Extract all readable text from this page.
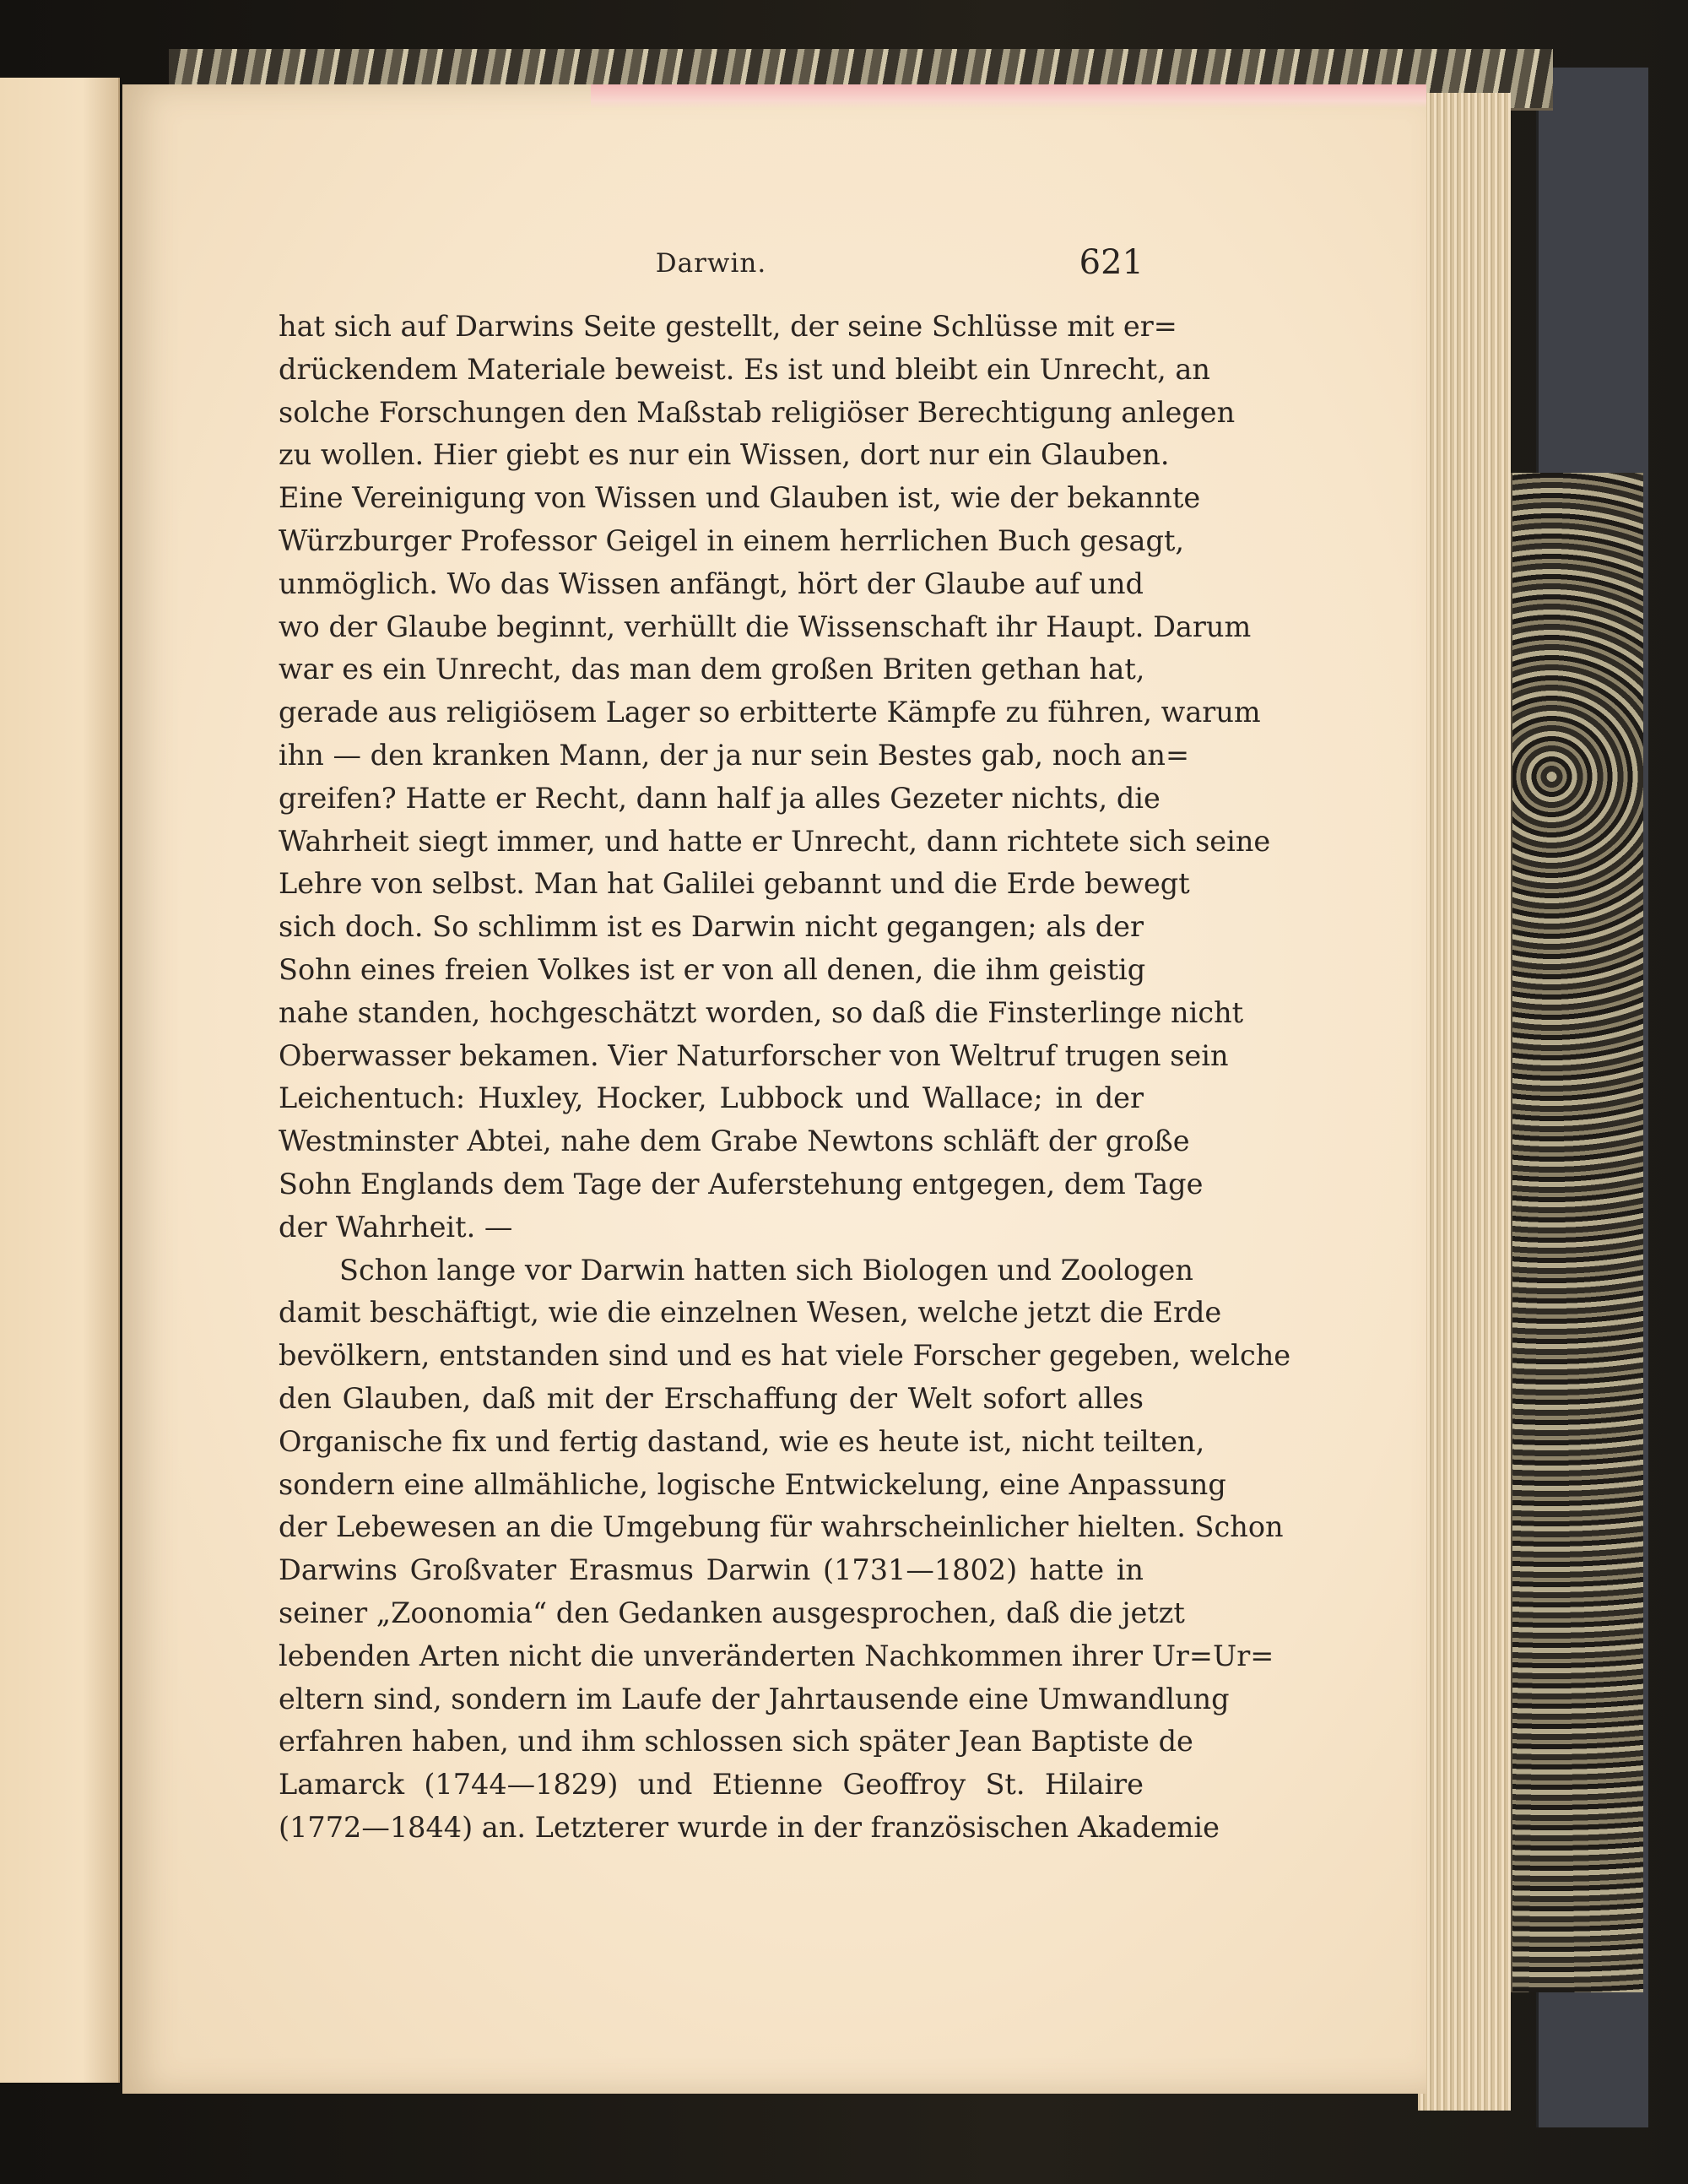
Darwin.	621
hat sich auf Darwins Seite gestellt, der seine Schlüsse mit er=
drückendem Materiale beweist. Es ist und bleibt ein Unrecht, an
solche Forschungen den Maßstab religiöser Berechtigung anlegen
zu wollen. Hier giebt es nur ein Wissen, dort nur ein Glauben.
Eine Vereinigung von Wissen und Glauben ist, wie der bekannte
Würzburger Professor Geigel in einem herrlichen Buch gesagt,
unmöglich. Wo das Wissen anfängt, hört der Glaube auf und
wo der Glaube beginnt, verhüllt die Wissenschaft ihr Haupt. Darum
war es ein Unrecht, das man dem großen Briten gethan hat,
gerade aus religiösem Lager so erbitterte Kämpfe zu führen, warum
ihn — den kranken Mann, der ja nur sein Bestes gab, noch an=
greifen? Hatte er Recht, dann half ja alles Gezeter nichts, die
Wahrheit siegt immer, und hatte er Unrecht, dann richtete sich seine
Lehre von selbst. Man hat Galilei gebannt und die Erde bewegt
sich doch. So schlimm ist es Darwin nicht gegangen; als der
Sohn eines freien Volkes ist er von all denen, die ihm geistig
nahe standen, hochgeschätzt worden, so daß die Finsterlinge nicht
Oberwasser bekamen. Vier Naturforscher von Weltruf trugen sein
Leichentuch: Huxley, Hocker, Lubbock und Wallace; in der
Westminster Abtei, nahe dem Grabe Newtons schläft der große
Sohn Englands dem Tage der Auferstehung entgegen, dem Tage
der Wahrheit. —
Schon lange vor Darwin hatten sich Biologen und Zoologen
damit beschäftigt, wie die einzelnen Wesen, welche jetzt die Erde
bevölkern, entstanden sind und es hat viele Forscher gegeben, welche
den Glauben, daß mit der Erschaffung der Welt sofort alles
Organische fix und fertig dastand, wie es heute ist, nicht teilten,
sondern eine allmähliche, logische Entwickelung, eine Anpassung
der Lebewesen an die Umgebung für wahrscheinlicher hielten. Schon
Darwins Großvater Erasmus Darwin (1731—1802) hatte in
seiner „Zoonomia“ den Gedanken ausgesprochen, daß die jetzt
lebenden Arten nicht die unveränderten Nachkommen ihrer Ur=Ur=
eltern sind, sondern im Laufe der Jahrtausende eine Umwandlung
erfahren haben, und ihm schlossen sich später Jean Baptiste de
Lamarck (1744—1829) und Etienne Geoffroy St. Hilaire
(1772—1844) an. Letzterer wurde in der französischen Akademie
